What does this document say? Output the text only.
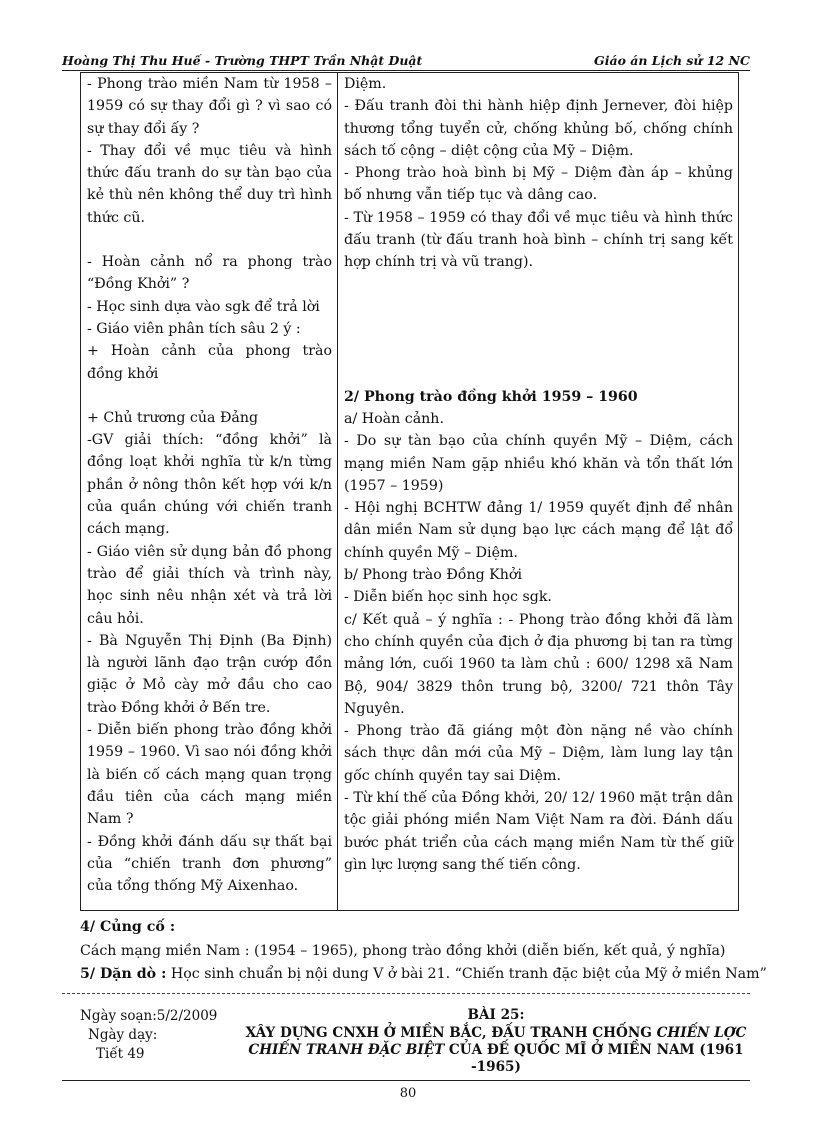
Hoàng Thị Thu Huế - Trường THPT Trần Nhật Duật	Giáo án Lịch sử 12 NC
- Phong trào miền Nam từ 1958 – 1959 có sự thay đổi gì ? vì sao có sự thay đổi ấy ?
- Thay đổi về mục tiêu và hình thức đấu tranh do sự tàn bạo của kẻ thù nên không thể duy trì hình thức cũ.
- Hoàn cảnh nổ ra phong trào “Đồng Khởi” ?
- Học sinh dựa vào sgk để trả lời
- Giáo viên phân tích sâu 2 ý :
+ Hoàn cảnh của phong trào đồng khởi
+ Chủ trương của Đảng
-GV giải thích: “đồng khởi” là đồng loạt khởi nghĩa từ k/n từng phần ở nông thôn kết hợp với k/n của quần chúng với chiến tranh cách mạng.
- Giáo viên sử dụng bản đồ phong trào để giải thích và trình này, học sinh nêu nhận xét và trả lời câu hỏi.
- Bà Nguyễn Thị Định (Ba Định) là người lãnh đạo trận cướp đồn giặc ở Mỏ cày mở đầu cho cao trào Đồng khởi ở Bến tre.
- Diễn biến phong trào đồng khởi 1959 – 1960. Vì sao nói đồng khởi là biến cố cách mạng quan trọng đầu tiên của cách mạng miền Nam ?
- Đồng khởi đánh dấu sự thất bại của “chiến tranh đơn phương” của tổng thống Mỹ Aixenhao.

Diệm.
- Đấu tranh đòi thi hành hiệp định Jernever, đòi hiệp thương tổng tuyển cử, chống khủng bố, chống chính sách tố cộng – diệt cộng của Mỹ – Diệm.
- Phong trào hoà bình bị Mỹ – Diệm đàn áp – khủng bố nhưng vẫn tiếp tục và dâng cao.
- Từ 1958 – 1959 có thay đổi về mục tiêu và hình thức đấu tranh (từ đấu tranh hoà bình – chính trị sang kết hợp chính trị và vũ trang).
2/ Phong trào đồng khởi 1959 – 1960
a/ Hoàn cảnh.
- Do sự tàn bạo của chính quyền Mỹ – Diệm, cách mạng miền Nam gặp nhiều khó khăn và tổn thất lớn (1957 – 1959)
- Hội nghị BCHTW đảng 1/ 1959 quyết định để nhân dân miền Nam sử dụng bạo lực cách mạng để lật đổ chính quyền Mỹ – Diệm.
b/ Phong trào Đồng Khởi
- Diễn biến học sinh học sgk.
c/ Kết quả – ý nghĩa : - Phong trào đồng khởi đã làm cho chính quyền của địch ở địa phương bị tan ra từng mảng lớn, cuối 1960 ta làm chủ : 600/ 1298 xã Nam Bộ, 904/ 3829 thôn trung bộ, 3200/ 721 thôn Tây Nguyên.
- Phong trào đã giáng một đòn nặng nề vào chính sách thực dân mới của Mỹ – Diệm, làm lung lay tận gốc chính quyền tay sai Diệm.
- Từ khí thế của Đồng khởi, 20/ 12/ 1960 mặt trận dân tộc giải phóng miền Nam Việt Nam ra đời. Đánh dấu bước phát triển của cách mạng miền Nam từ thế giữ gìn lực lượng sang thế tiến công.
4/ Củng cố :
Cách mạng miền Nam : (1954 – 1965), phong trào đồng khởi (diễn biến, kết quả, ý nghĩa)
5/ Dặn dò : Học sinh chuẩn bị nội dung V ở bài 21. “Chiến tranh đặc biệt của Mỹ ở miền Nam”
Ngày soạn:5/2/2009
Ngày dạy:
Tiết 49
BÀI 25:
XÂY DỰNG CNXH Ở MIỀN BẮC, ĐẤU TRANH CHỐNG CHIẾN LỢC CHIẾN TRANH ĐẶC BIỆT CỦA ĐẾ QUỐC MĨ Ở MIỀN NAM (1961 -1965)
80
